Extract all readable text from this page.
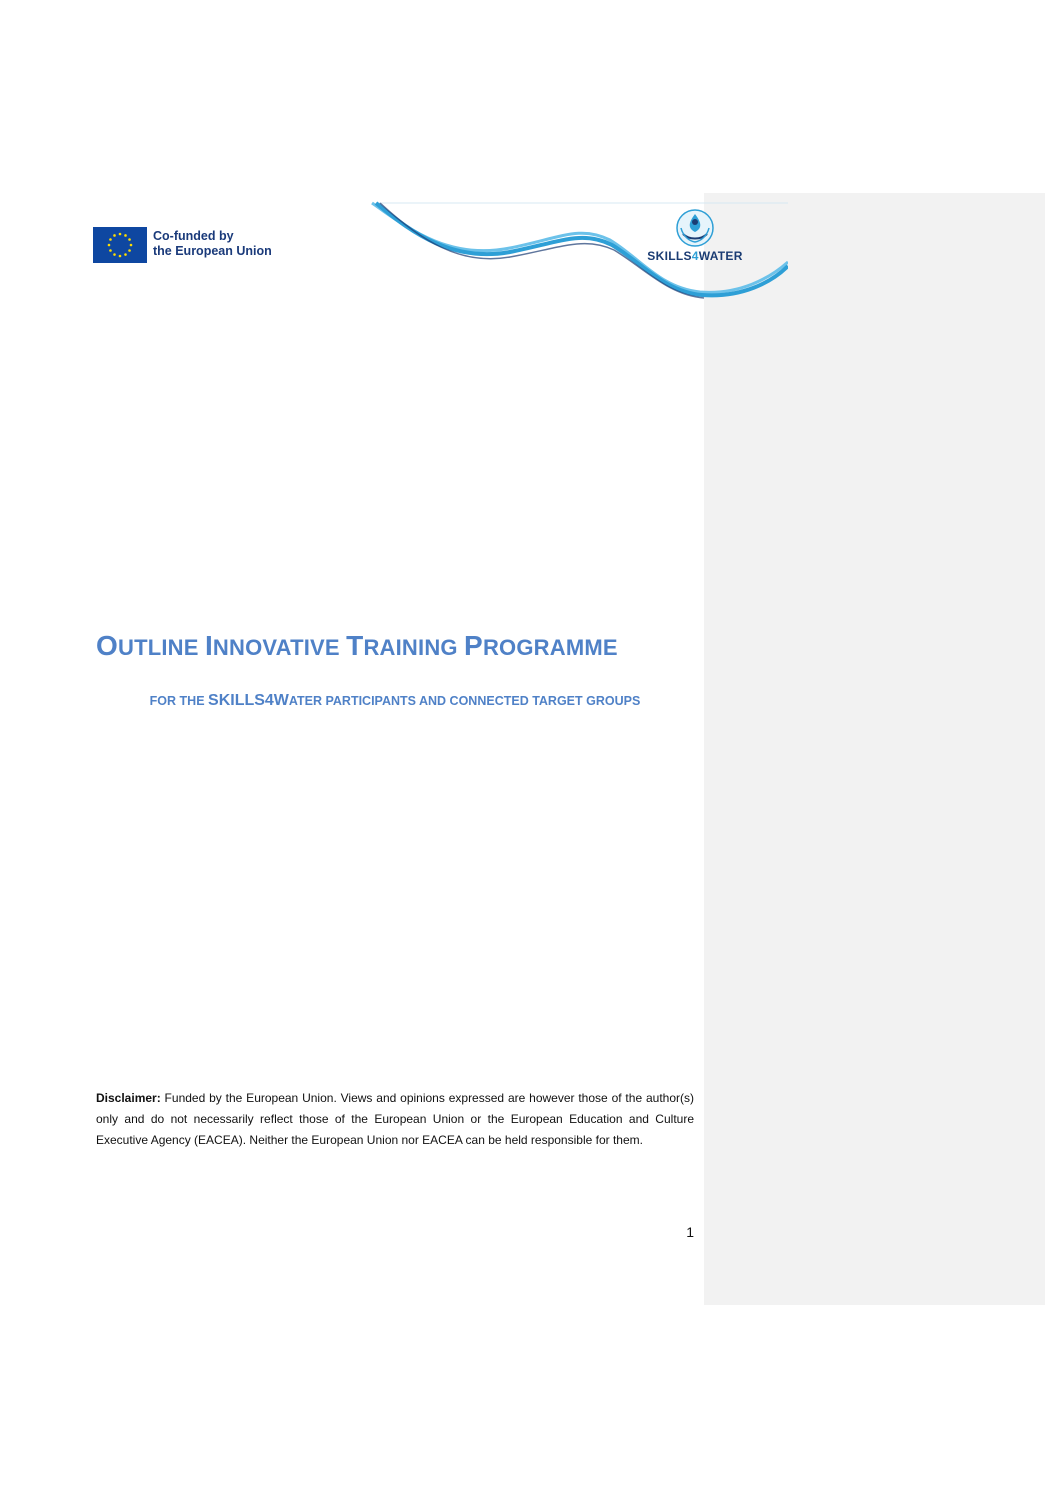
Co-funded by
the European Union	SKILLS4WATER
OUTLINE INNOVATIVE TRAINING PROGRAMME
FOR THE SKILLS4WATER PARTICIPANTS AND CONNECTED TARGET GROUPS
Disclaimer: Funded by the European Union. Views and opinions expressed are however those of the author(s) only and do not necessarily reflect those of the European Union or the European Education and Culture Executive Agency (EACEA). Neither the European Union nor EACEA can be held responsible for them.
1
